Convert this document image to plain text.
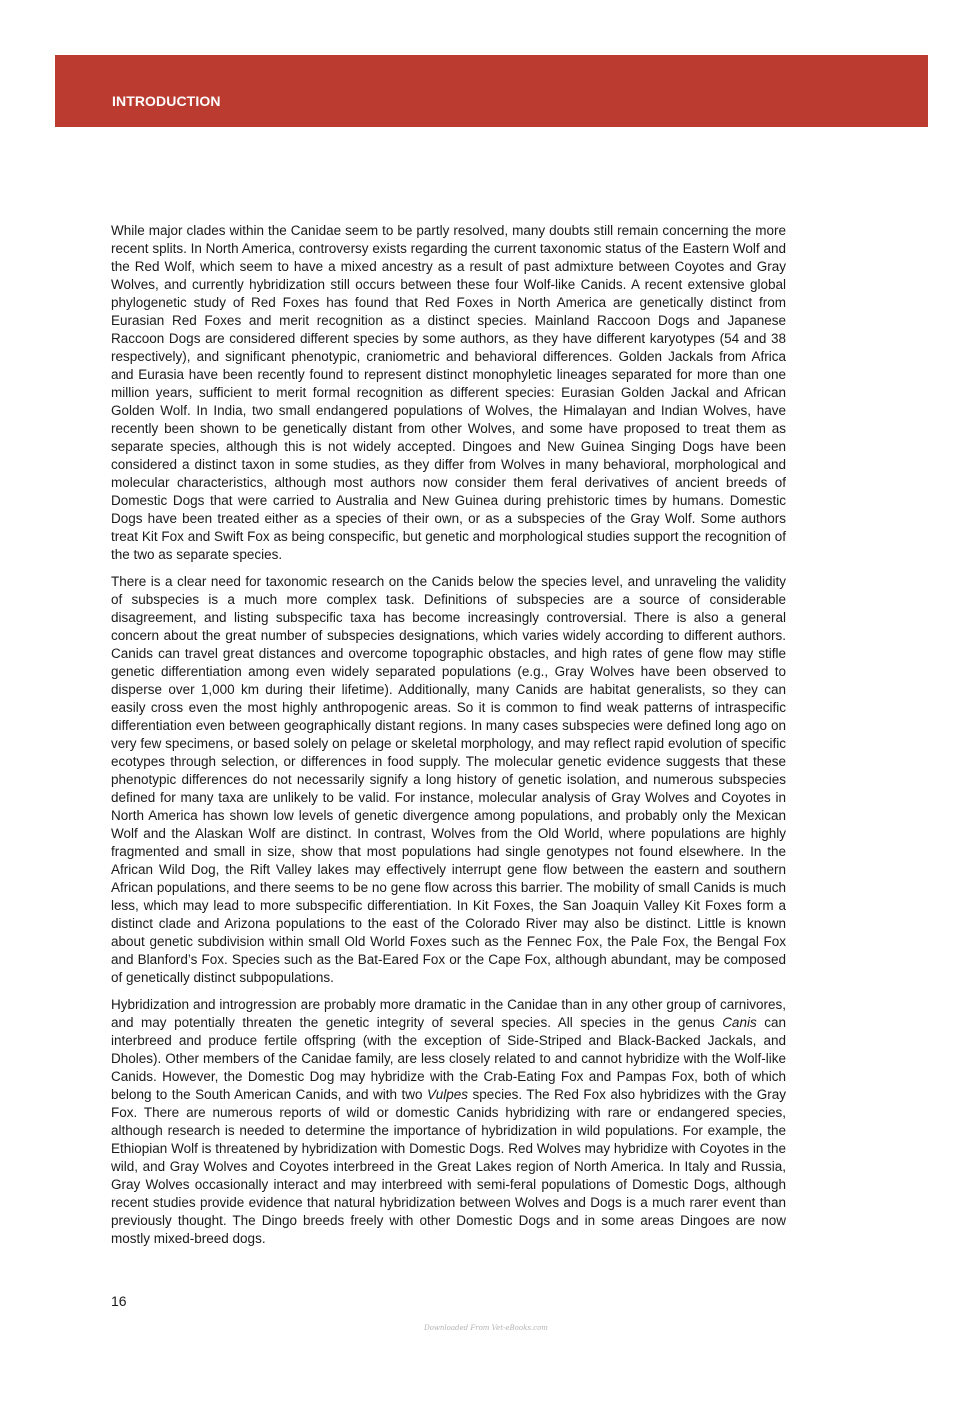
INTRODUCTION

While major clades within the Canidae seem to be partly resolved, many doubts still remain concerning the more recent splits. In North America, controversy exists regarding the current taxonomic status of the Eastern Wolf and the Red Wolf, which seem to have a mixed ancestry as a result of past admixture between Coyotes and Gray Wolves, and currently hybridization still occurs between these four Wolf-like Canids. A recent extensive global phylogenetic study of Red Foxes has found that Red Foxes in North America are genetically distinct from Eurasian Red Foxes and merit recognition as a distinct species. Mainland Raccoon Dogs and Japanese Raccoon Dogs are considered different species by some authors, as they have different karyotypes (54 and 38 respectively), and significant phenotypic, craniometric and behavioral differences. Golden Jackals from Africa and Eurasia have been recently found to represent distinct monophyletic lineages separated for more than one million years, sufficient to merit formal recognition as different species: Eurasian Golden Jackal and African Golden Wolf. In India, two small endangered populations of Wolves, the Himalayan and Indian Wolves, have recently been shown to be genetically distant from other Wolves, and some have proposed to treat them as separate species, although this is not widely accepted. Dingoes and New Guinea Singing Dogs have been considered a distinct taxon in some studies, as they differ from Wolves in many behavioral, morphological and molecular characteristics, although most authors now consider them feral derivatives of ancient breeds of Domestic Dogs that were carried to Australia and New Guinea during prehistoric times by humans. Domestic Dogs have been treated either as a species of their own, or as a subspecies of the Gray Wolf. Some authors treat Kit Fox and Swift Fox as being conspecific, but genetic and morphological studies support the recognition of the two as separate species.

There is a clear need for taxonomic research on the Canids below the species level, and unraveling the validity of subspecies is a much more complex task. Definitions of subspecies are a source of considerable disagreement, and listing subspecific taxa has become increasingly controversial. There is also a general concern about the great number of subspecies designations, which varies widely according to different authors. Canids can travel great distances and overcome topographic obstacles, and high rates of gene flow may stifle genetic differentiation among even widely separated populations (e.g., Gray Wolves have been observed to disperse over 1,000 km during their lifetime). Additionally, many Canids are habitat generalists, so they can easily cross even the most highly anthropogenic areas. So it is common to find weak patterns of intraspecific differentiation even between geographically distant regions. In many cases subspecies were defined long ago on very few specimens, or based solely on pelage or skeletal morphology, and may reflect rapid evolution of specific ecotypes through selection, or differences in food supply. The molecular genetic evidence suggests that these phenotypic differences do not necessarily signify a long history of genetic isolation, and numerous subspecies defined for many taxa are unlikely to be valid. For instance, molecular analysis of Gray Wolves and Coyotes in North America has shown low levels of genetic divergence among populations, and probably only the Mexican Wolf and the Alaskan Wolf are distinct. In contrast, Wolves from the Old World, where populations are highly fragmented and small in size, show that most populations had single genotypes not found elsewhere. In the African Wild Dog, the Rift Valley lakes may effectively interrupt gene flow between the eastern and southern African populations, and there seems to be no gene flow across this barrier. The mobility of small Canids is much less, which may lead to more subspecific differentiation. In Kit Foxes, the San Joaquin Valley Kit Foxes form a distinct clade and Arizona populations to the east of the Colorado River may also be distinct. Little is known about genetic subdivision within small Old World Foxes such as the Fennec Fox, the Pale Fox, the Bengal Fox and Blanford’s Fox. Species such as the Bat-Eared Fox or the Cape Fox, although abundant, may be composed of genetically distinct subpopulations.

Hybridization and introgression are probably more dramatic in the Canidae than in any other group of carnivores, and may potentially threaten the genetic integrity of several species. All species in the genus Canis can interbreed and produce fertile offspring (with the exception of Side-Striped and Black-Backed Jackals, and Dholes). Other members of the Canidae family, are less closely related to and cannot hybridize with the Wolf-like Canids. However, the Domestic Dog may hybridize with the Crab-Eating Fox and Pampas Fox, both of which belong to the South American Canids, and with two Vulpes species. The Red Fox also hybridizes with the Gray Fox. There are numerous reports of wild or domestic Canids hybridizing with rare or endangered species, although research is needed to determine the importance of hybridization in wild populations. For example, the Ethiopian Wolf is threatened by hybridization with Domestic Dogs. Red Wolves may hybridize with Coyotes in the wild, and Gray Wolves and Coyotes interbreed in the Great Lakes region of North America. In Italy and Russia, Gray Wolves occasionally interact and may interbreed with semi-feral populations of Domestic Dogs, although recent studies provide evidence that natural hybridization between Wolves and Dogs is a much rarer event than previously thought. The Dingo breeds freely with other Domestic Dogs and in some areas Dingoes are now mostly mixed-breed dogs.

16
Downloaded From Vet-eBooks.com
